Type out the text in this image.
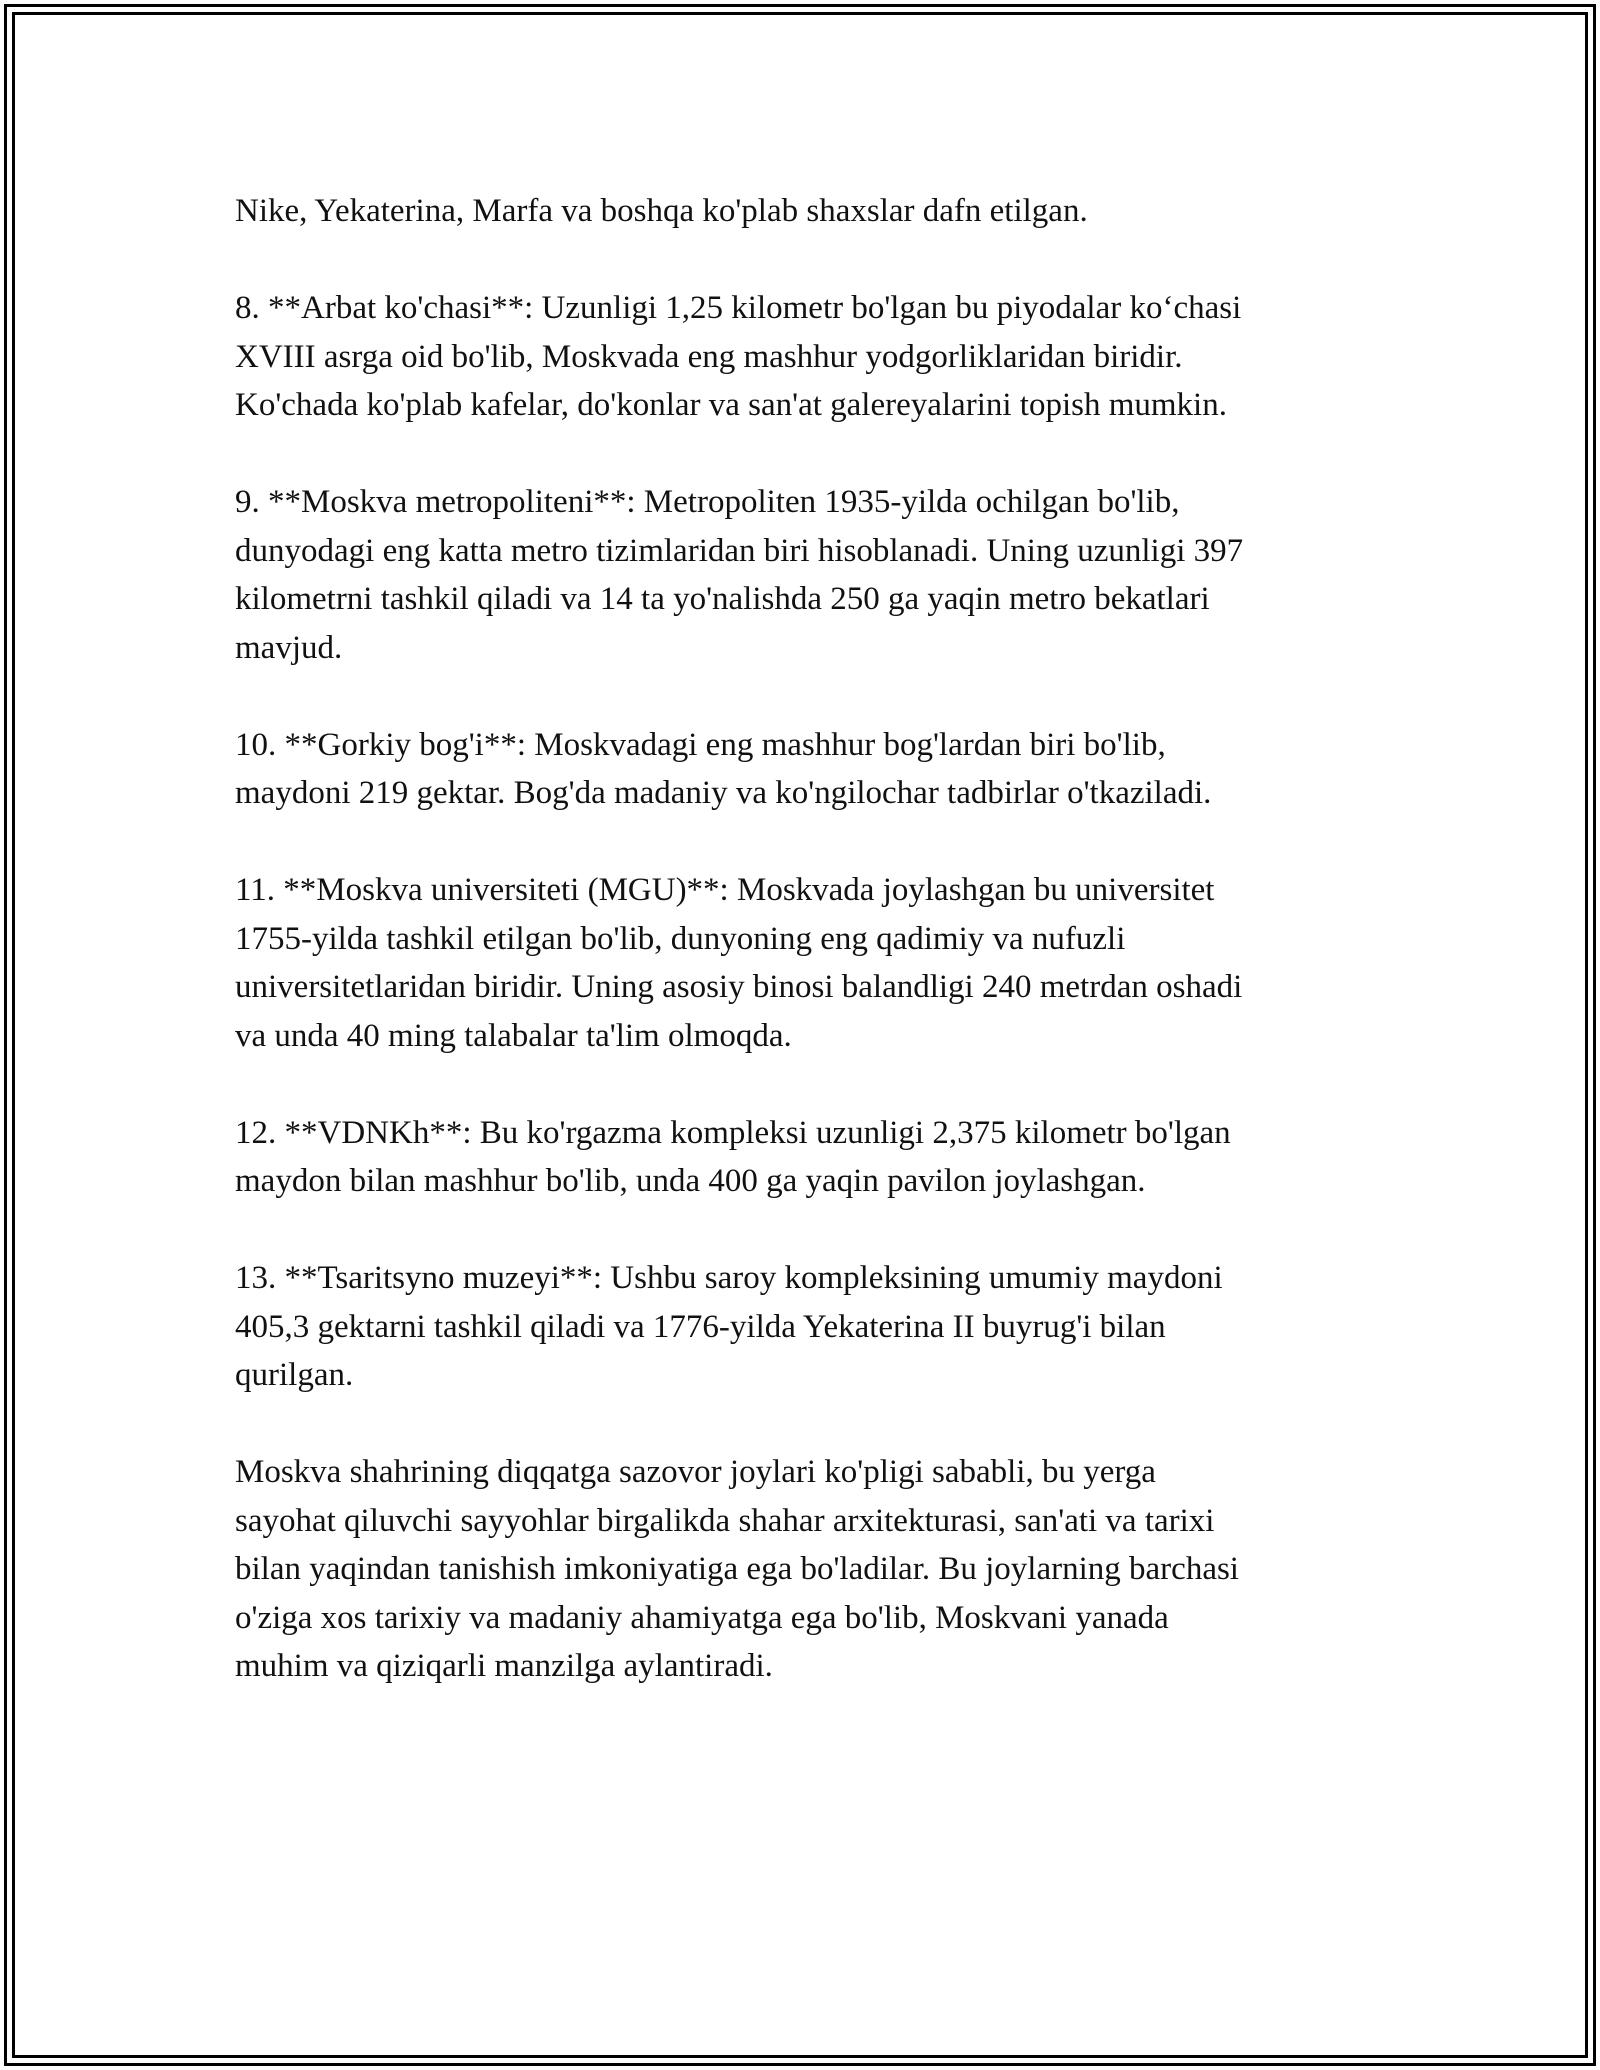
Nike, Yekaterina, Marfa va boshqa ko'plab shaxslar dafn etilgan.
8. **Arbat ko'chasi**: Uzunligi 1,25 kilometr bo'lgan bu piyodalar ko‘chasi
XVIII asrga oid bo'lib, Moskvada eng mashhur yodgorliklaridan biridir.
Ko'chada ko'plab kafelar, do'konlar va san'at galereyalarini topish mumkin.
9. **Moskva metropoliteni**: Metropoliten 1935-yilda ochilgan bo'lib,
dunyodagi eng katta metro tizimlaridan biri hisoblanadi. Uning uzunligi 397
kilometrni tashkil qiladi va 14 ta yo'nalishda 250 ga yaqin metro bekatlari
mavjud.
10. **Gorkiy bog'i**: Moskvadagi eng mashhur bog'lardan biri bo'lib,
maydoni 219 gektar. Bog'da madaniy va ko'ngilochar tadbirlar o'tkaziladi.
11. **Moskva universiteti (MGU)**: Moskvada joylashgan bu universitet
1755-yilda tashkil etilgan bo'lib, dunyoning eng qadimiy va nufuzli
universitetlaridan biridir. Uning asosiy binosi balandligi 240 metrdan oshadi
va unda 40 ming talabalar ta'lim olmoqda.
12. **VDNKh**: Bu ko'rgazma kompleksi uzunligi 2,375 kilometr bo'lgan
maydon bilan mashhur bo'lib, unda 400 ga yaqin pavilon joylashgan.
13. **Tsaritsyno muzeyi**: Ushbu saroy kompleksining umumiy maydoni
405,3 gektarni tashkil qiladi va 1776-yilda Yekaterina II buyrug'i bilan
qurilgan.
Moskva shahrining diqqatga sazovor joylari ko'pligi sababli, bu yerga
sayohat qiluvchi sayyohlar birgalikda shahar arxitekturasi, san'ati va tarixi
bilan yaqindan tanishish imkoniyatiga ega bo'ladilar. Bu joylarning barchasi
o'ziga xos tarixiy va madaniy ahamiyatga ega bo'lib, Moskvani yanada
muhim va qiziqarli manzilga aylantiradi.
